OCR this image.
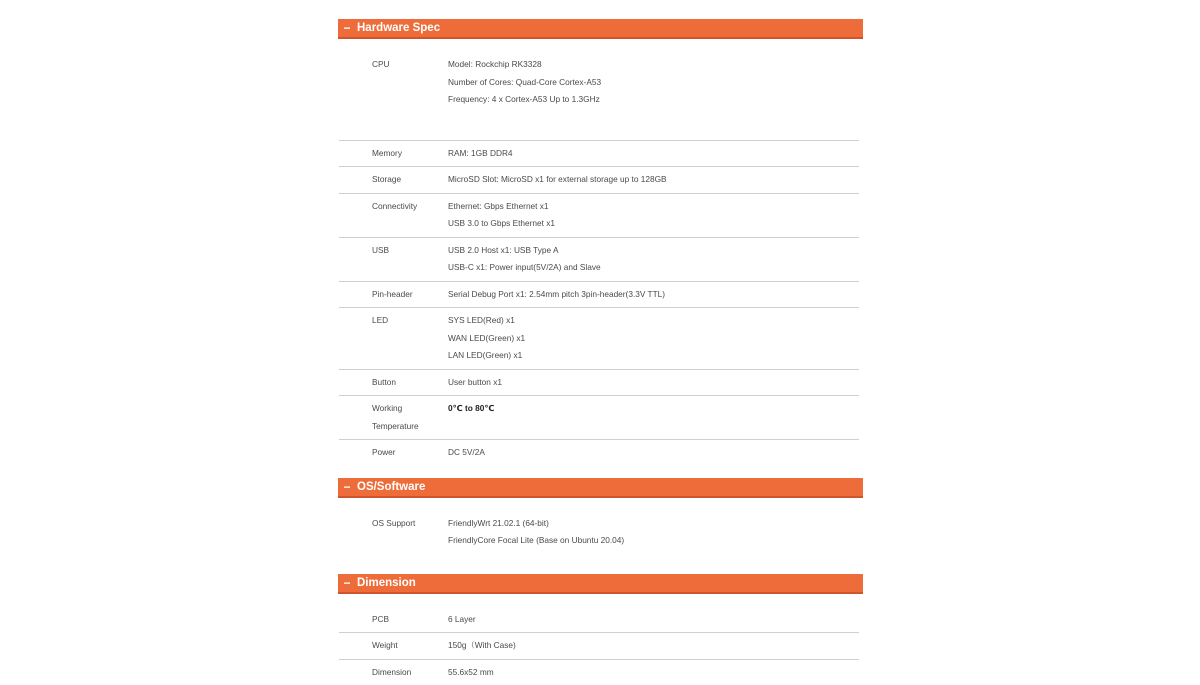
− Hardware Spec
CPU	Model: Rockchip RK3328
Number of Cores: Quad-Core Cortex-A53
Frequency: 4 x Cortex-A53 Up to 1.3GHz

Memory	RAM: 1GB DDR4

Storage	MicroSD Slot: MicroSD x1 for external storage up to 128GB

Connectivity	Ethernet: Gbps Ethernet x1
USB 3.0 to Gbps Ethernet x1

USB	USB 2.0 Host x1: USB Type A
USB-C x1: Power input(5V/2A) and Slave

Pin-header	Serial Debug Port x1: 2.54mm pitch 3pin-header(3.3V TTL)

LED	SYS LED(Red) x1
WAN LED(Green) x1
LAN LED(Green) x1

Button	User button x1

Working Temperature	0℃ to 80℃

Power	DC 5V/2A
− OS/Software
OS Support	FriendlyWrt 21.02.1 (64-bit)
FriendlyCore Focal Lite (Base on Ubuntu 20.04)
− Dimension
PCB	6 Layer

Weight	150g（With Case)

Dimension	55.6x52 mm
